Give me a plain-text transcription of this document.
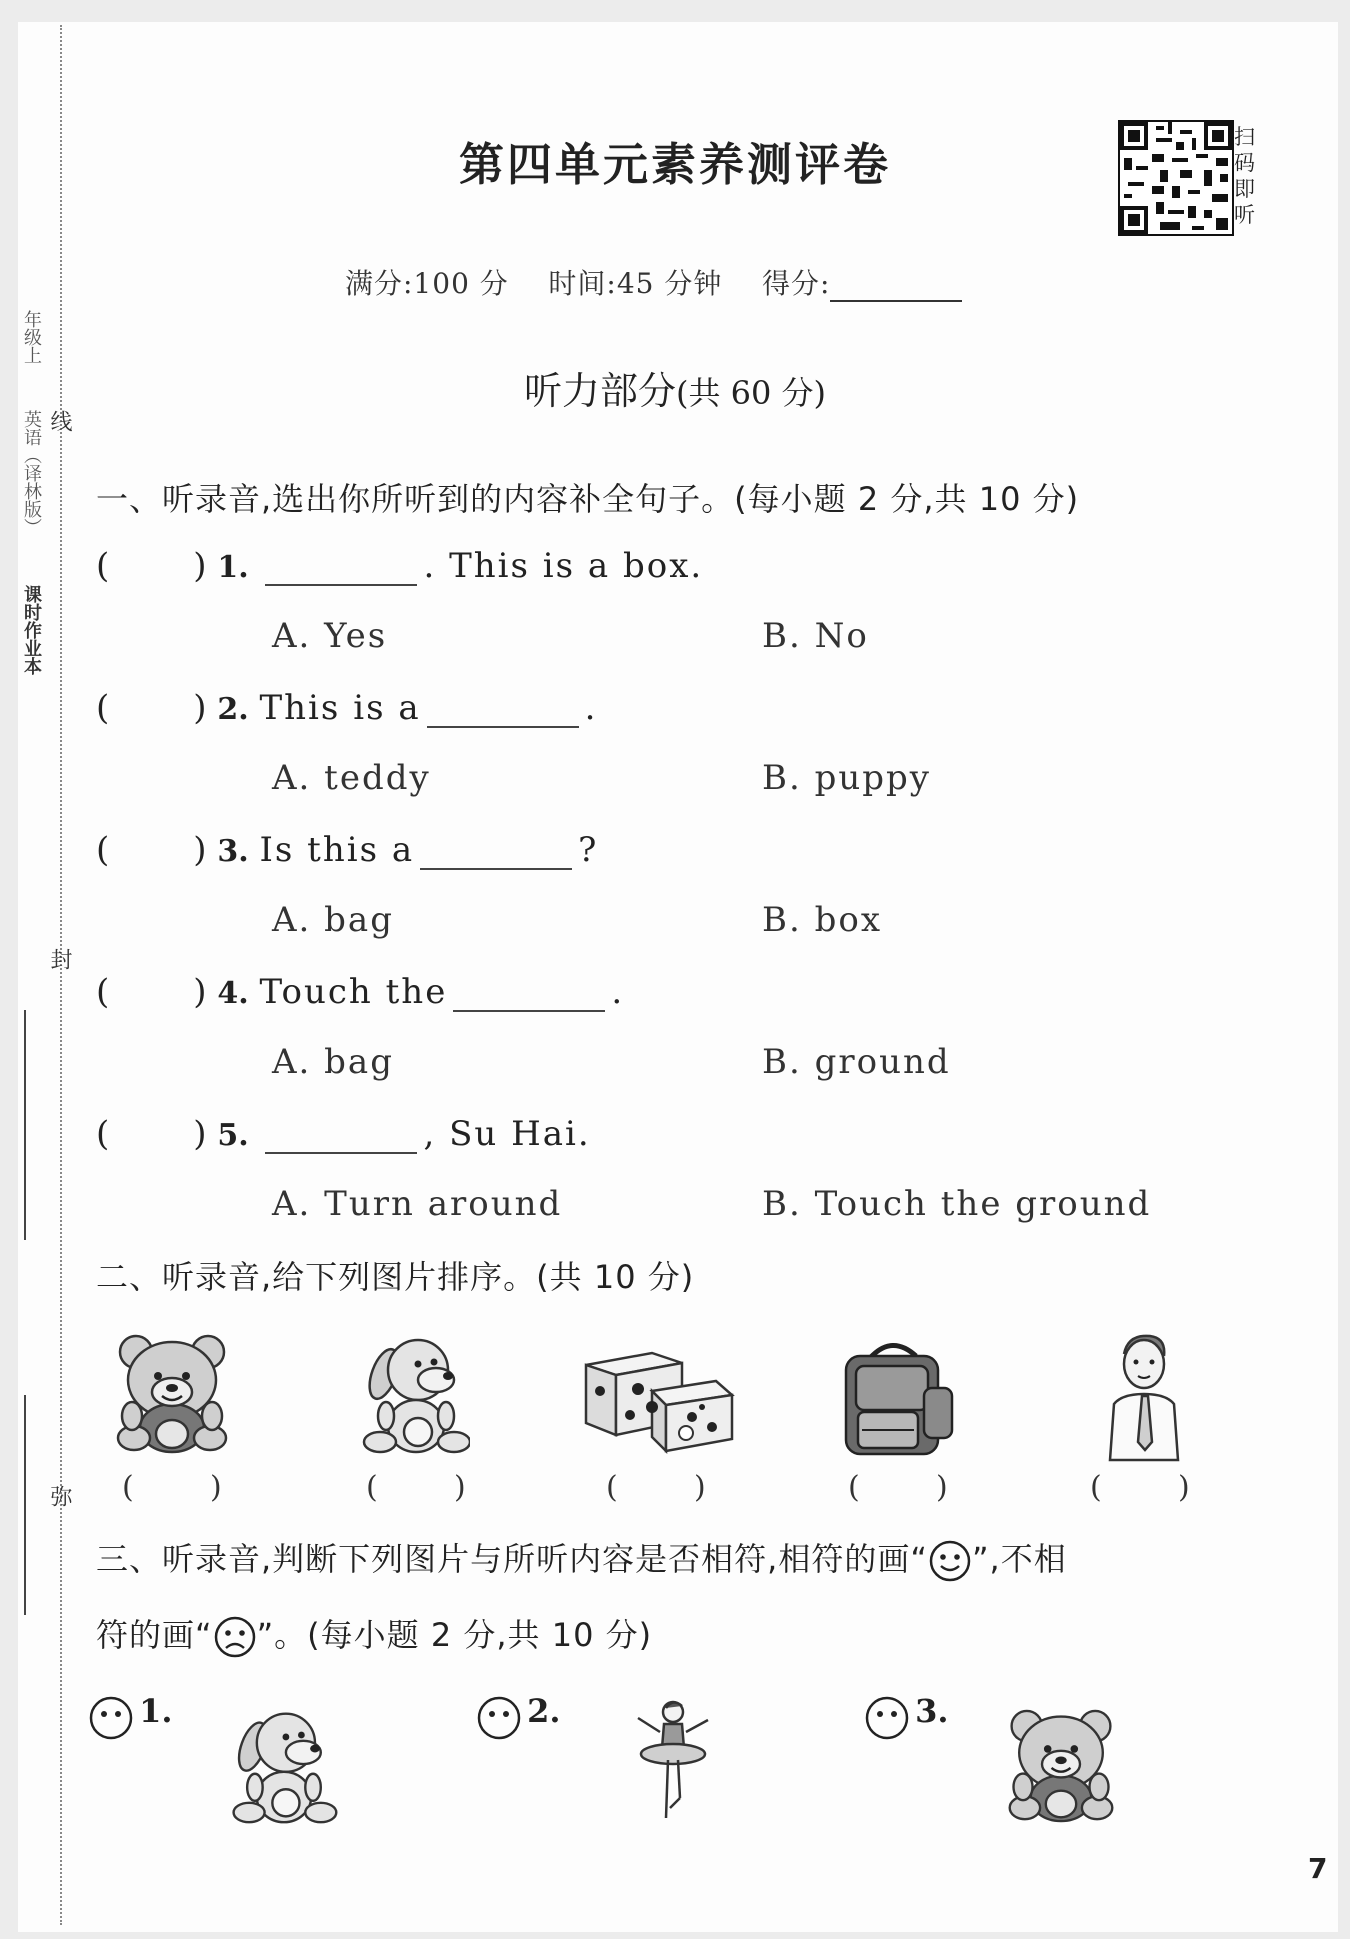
年级上
英语（译林版）
课时作业本
线
封
弥
第四单元素养测评卷
扫码即听
满分:100 分 时间:45 分钟 得分:
听力部分(共 60 分)
一、听录音,选出你所听到的内容补全句子。(每小题 2 分,共 10 分)
( ) 1.	. This is a box.
A. Yes	B. No
( ) 2. This is a	.
A. teddy	B. puppy
( ) 3. Is this a	?
A. bag	B. box
( ) 4. Touch the	.
A. bag	B. ground
( ) 5.	, Su Hai.
A. Turn around	B. Touch the ground
二、听录音,给下列图片排序。(共 10 分)
(        )	(        )	(        )	(        )	(        )
三、听录音,判断下列图片与所听内容是否相符,相符的画“ ”,不相
符的画“ ”。(每小题 2 分,共 10 分)
1.	2.	3.
7
